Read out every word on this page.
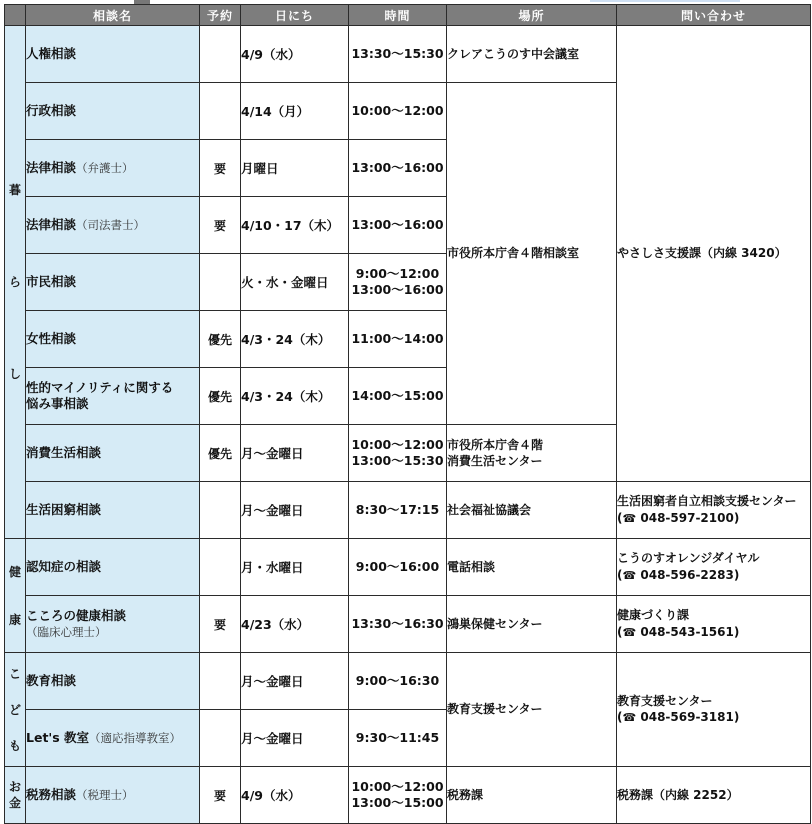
	相談名	予約	日にち	時間	場所	問い合わせ

暮
ら
し	人権相談		4/9（水）	13:30〜15:30	クレアこうのす中会議室	やさしさ支援課（内線 3420）
	行政相談		4/14（月）	10:00〜12:00	市役所本庁舎４階相談室	
	法律相談（弁護士）	要	月曜日	13:00〜16:00		

	法律相談（司法書士）	要	4/10・17（木）	13:00〜16:00		

	市民相談		火・水・金曜日	9:00〜12:00
13:00〜16:00		

	女性相談	優先	4/3・24（木）	11:00〜14:00		

	性的マイノリティに関する
悩み事相談	優先	4/3・24（木）	14:00〜15:00		

	消費生活相談	優先	月〜金曜日	10:00〜12:00
13:00〜15:30	市役所本庁舎４階
消費生活センター	

	生活困窮相談		月〜金曜日	8:30〜17:15	社会福祉協議会	生活困窮者自立相談支援センター
(☎ 048-597-2100)

健
康	認知症の相談		月・水曜日	9:00〜16:00	電話相談	こうのすオレンジダイヤル
(☎ 048-596-2283)

	こころの健康相談
（臨床心理士）	要	4/23（水）	13:30〜16:30	鴻巣保健センター	健康づくり課
(☎ 048-543-1561)

こ
ど
も	教育相談		月〜金曜日	9:00〜16:30	教育支援センター	教育支援センター
(☎ 048-569-3181)

	Let's 教室（適応指導教室）		月〜金曜日	9:30〜11:45		

お
金	税務相談（税理士）	要	4/9（水）	10:00〜12:00
13:00〜15:00	税務課	税務課（内線 2252）
